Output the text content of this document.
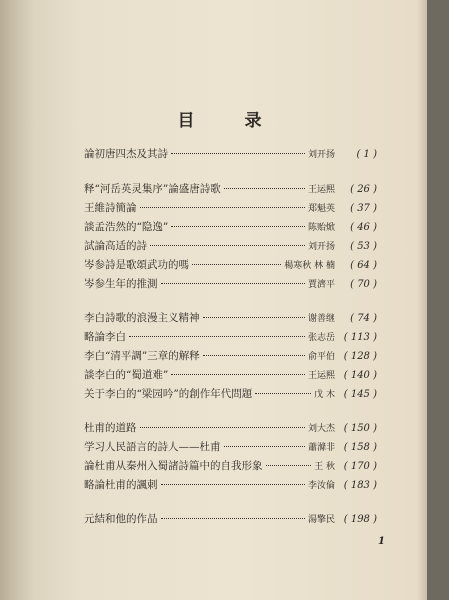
目 录
論初唐四杰及其詩	刘开扬	( 1 )
释“河岳英灵集序”論盛唐詩歌	王运熙	( 26 )
王維詩簡論	郑魁英	( 37 )
談孟浩然的“隐逸”	陈贻焮	( 46 )
試論高适的詩	刘开扬	( 53 )
岑参詩是歌頌武功的嗎	楊寒秋 林 楠	( 64 )
岑参生年的推測	賈濟平	( 70 )
李白詩歌的浪漫主义精神	谢善继	( 74 )
略論李白	张志岳 ( 113 )
李白“清平調”三章的解释	俞平伯 ( 128 )
談李白的“蜀道难”	王运熙 ( 140 )
关于李白的“梁园吟”的創作年代問題	戊 木 ( 145 )
杜甫的道路	刘大杰 ( 150 )
学习人民語言的詩人——杜甫	蕭滌非 ( 158 )
論杜甫从秦州入蜀諸詩篇中的自我形象	王 秋 ( 170 )
略論杜甫的諷刺	李汝倫 ( 183 )
元結和他的作品	湯擎民 ( 198 )
1
